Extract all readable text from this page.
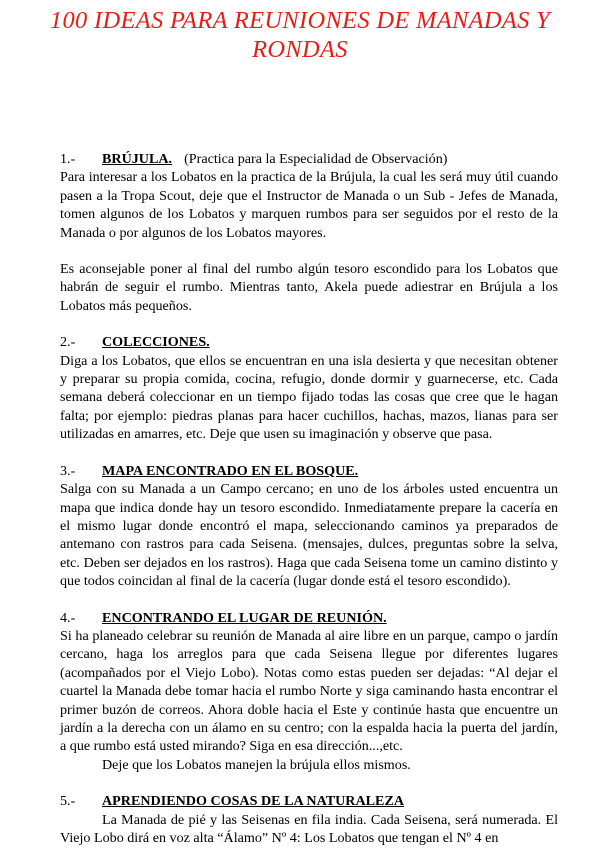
100 IDEAS PARA REUNIONES DE MANADAS Y
RONDAS
1.-	BRÚJULA. (Practica para la Especialidad de Observación)

Para interesar a los Lobatos en la practica de la Brújula, la cual les será muy útil cuando pasen a la Tropa Scout, deje que el Instructor de Manada o un Sub - Jefes de Manada, tomen algunos de los Lobatos y marquen rumbos para ser seguidos por el resto de la Manada o por algunos de los Lobatos mayores.

Es aconsejable poner al final del rumbo algún tesoro escondido para los Lobatos que habrán de seguir el rumbo. Mientras tanto, Akela puede adiestrar en Brújula a los Lobatos más pequeños.

2.-	COLECCIONES.

Diga a los Lobatos, que ellos se encuentran en una isla desierta y que necesitan obtener y preparar su propia comida, cocina, refugio, donde dormir y guarnecerse, etc. Cada semana deberá coleccionar en un tiempo fijado todas las cosas que cree que le hagan falta; por ejemplo: piedras planas para hacer cuchillos, hachas, mazos, lianas para ser utilizadas en amarres, etc. Deje que usen su imaginación y observe que pasa.

3.-	MAPA ENCONTRADO EN EL BOSQUE.

Salga con su Manada a un Campo cercano; en uno de los árboles usted encuentra un mapa que indica donde hay un tesoro escondido. Inmediatamente prepare la cacería en el mismo lugar donde encontró el mapa, seleccionando caminos ya preparados de antemano con rastros para cada Seisena. (mensajes, dulces, preguntas sobre la selva, etc. Deben ser dejados en los rastros). Haga que cada Seisena tome un camino distinto y que todos coincidan al final de la cacería (lugar donde está el tesoro escondido).

4.-	ENCONTRANDO EL LUGAR DE REUNIÓN.

Si ha planeado celebrar su reunión de Manada al aire libre en un parque, campo o jardín cercano, haga los arreglos para que cada Seisena llegue por diferentes lugares (acompañados por el Viejo Lobo). Notas como estas pueden ser dejadas: “Al dejar el cuartel la Manada debe tomar hacia el rumbo Norte y siga caminando hasta encontrar el primer buzón de correos. Ahora doble hacia el Este y continúe hasta que encuentre un jardín a la derecha con un álamo en su centro; con la espalda hacia la puerta del jardín, a que rumbo está usted mirando? Siga en esa dirección...,etc.

Deje que los Lobatos manejen la brújula ellos mismos.

5.-	APRENDIENDO COSAS DE LA NATURALEZA

La Manada de pié y las Seisenas en fila india. Cada Seisena, será numerada. El Viejo Lobo dirá en voz alta “Álamo” Nº 4: Los Lobatos que tengan el Nº 4 en
